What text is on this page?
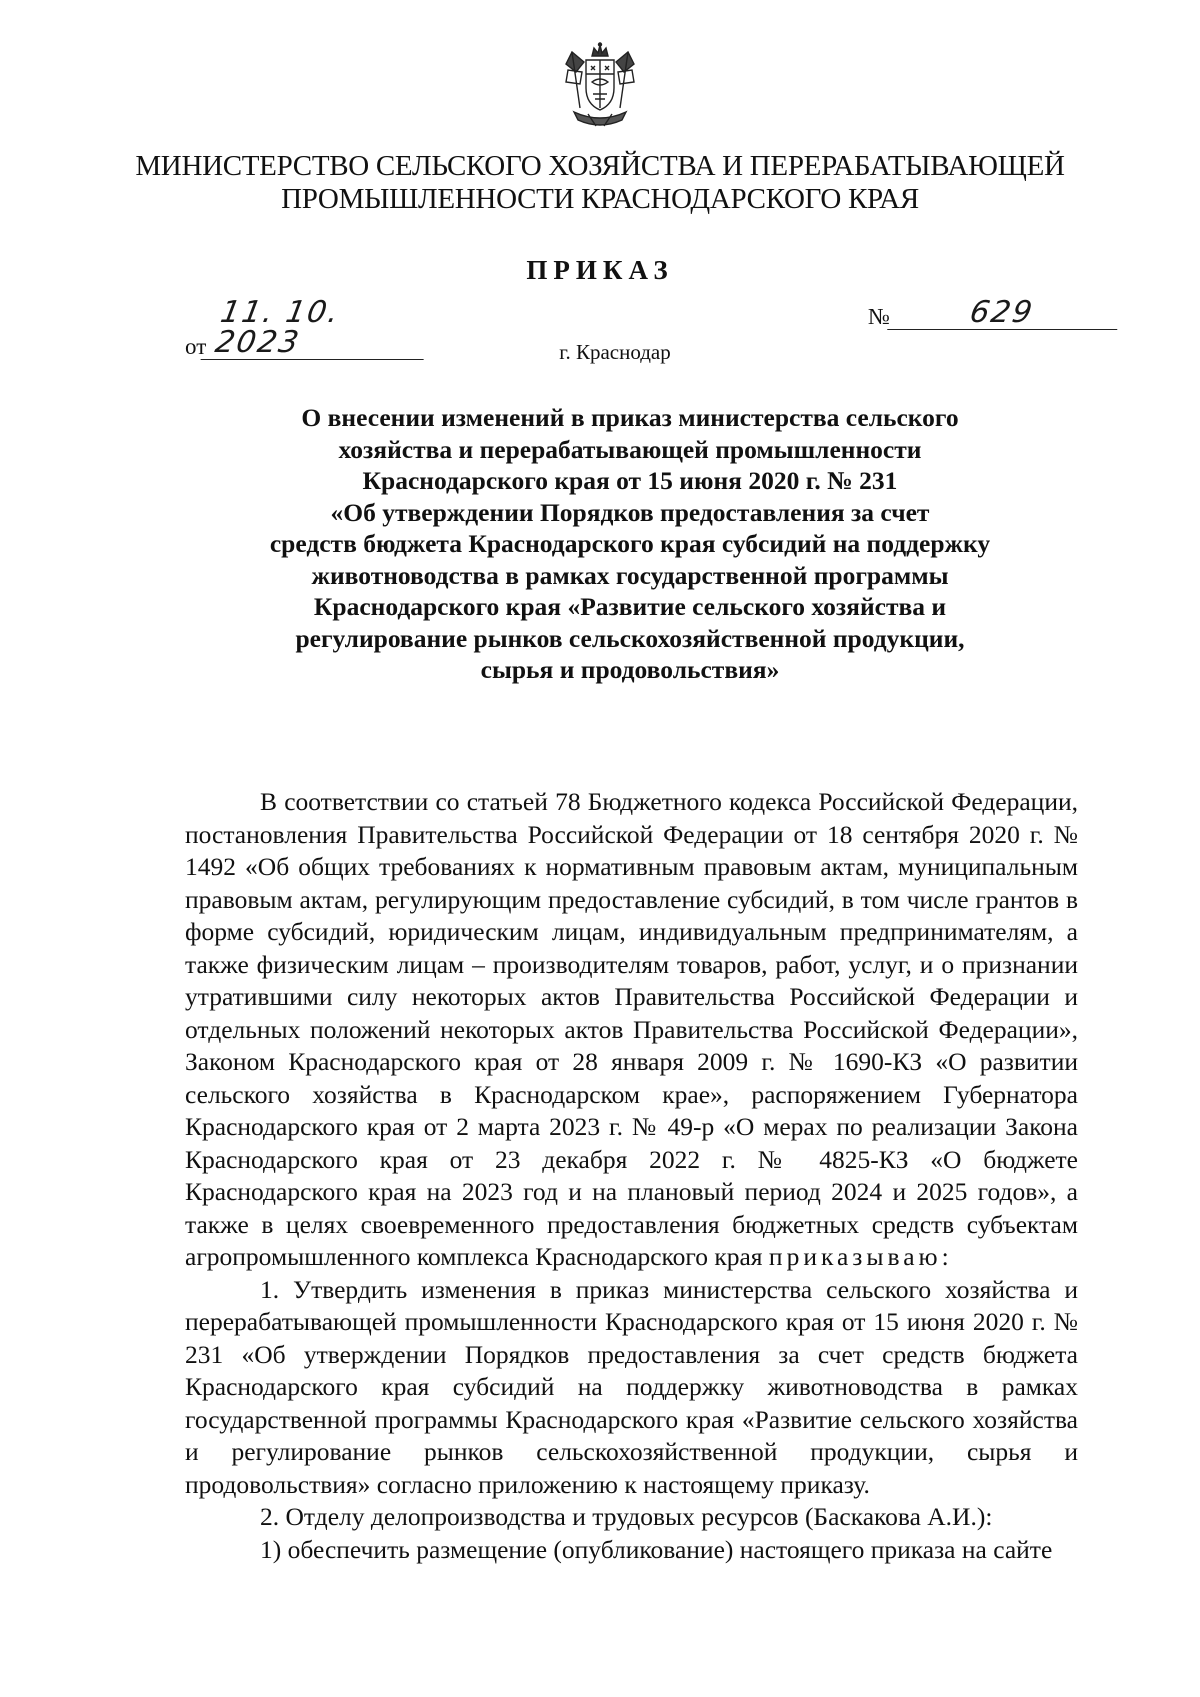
МИНИСТЕРСТВО СЕЛЬСКОГО ХОЗЯЙСТВА И ПЕРЕРАБАТЫВАЮЩЕЙ
ПРОМЫШЛЕННОСТИ КРАСНОДАРСКОГО КРАЯ
ПРИКАЗ
от11. 10. 2023
№	629
г. Краснодар
О внесении изменений в приказ министерства сельского
хозяйства и перерабатывающей промышленности
Краснодарского края от 15 июня 2020 г. № 231
«Об утверждении Порядков предоставления за счет
средств бюджета Краснодарского края субсидий на поддержку
животноводства в рамках государственной программы
Краснодарского края «Развитие сельского хозяйства и
регулирование рынков сельскохозяйственной продукции,
сырья и продовольствия»

В соответствии со статьей 78 Бюджетного кодекса Российской Федерации, постановления Правительства Российской Федерации от 18 сентября 2020 г. № 1492 «Об общих требованиях к нормативным правовым актам, муниципальным правовым актам, регулирующим предоставление субсидий, в том числе грантов в форме субсидий, юридическим лицам, индивидуальным предпринимателям, а также физическим лицам – производителям товаров, работ, услуг, и о признании утратившими силу некоторых актов Правительства Российской Федерации и отдельных положений некоторых актов Правительства Российской Федерации», Законом Краснодарского края от 28 января 2009 г. № 1690-КЗ «О развитии сельского хозяйства в Краснодарском крае», распоряжением Губернатора Краснодарского края от 2 марта 2023 г. № 49-р «О мерах по реализации Закона Краснодарского края от 23 декабря 2022 г. № 4825-КЗ «О бюджете Краснодарского края на 2023 год и на плановый период 2024 и 2025 годов», а также в целях своевременного предоставления бюджетных средств субъектам агропромышленного комплекса Краснодарского края приказываю:

1. Утвердить изменения в приказ министерства сельского хозяйства и перерабатывающей промышленности Краснодарского края от 15 июня 2020 г. № 231 «Об утверждении Порядков предоставления за счет средств бюджета Краснодарского края субсидий на поддержку животноводства в рамках государственной программы Краснодарского края «Развитие сельского хозяйства и регулирование рынков сельскохозяйственной продукции, сырья и продовольствия» согласно приложению к настоящему приказу.

2. Отделу делопроизводства и трудовых ресурсов (Баскакова А.И.):

1) обеспечить размещение (опубликование) настоящего приказа на сайте
